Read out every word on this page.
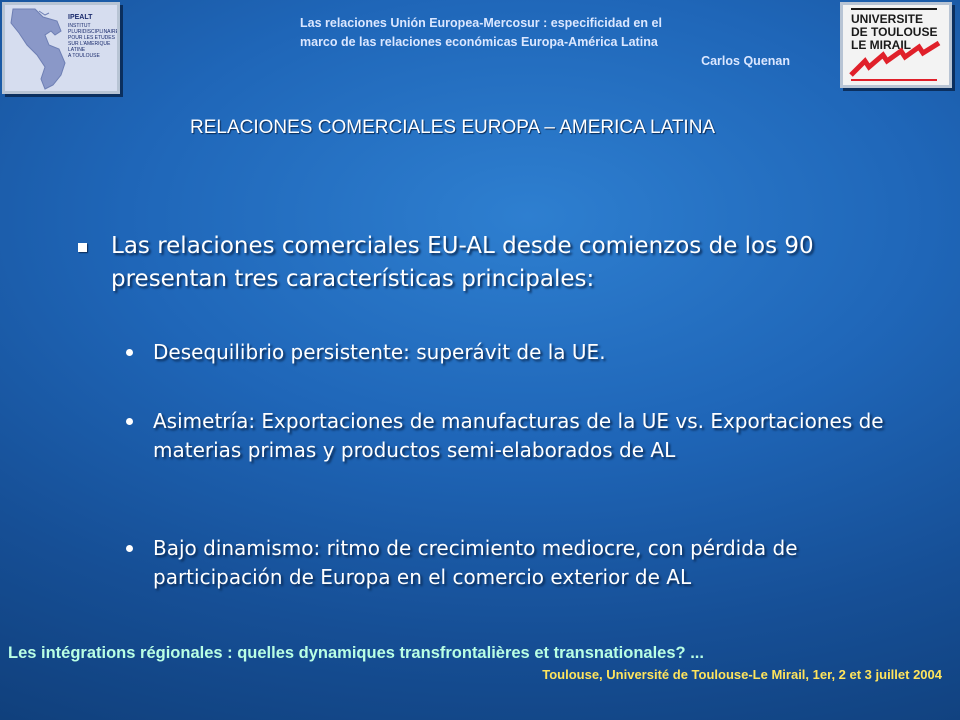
IPEALT
INSTITUT
PLURIDISCIPLINAIRE
POUR LES ETUDES
SUR L'AMERIQUE
LATINE
A TOULOUSE
Las relaciones Unión Europea-Mercosur : especificidad en el
marco de las relaciones económicas Europa-América Latina
Carlos Quenan
UNIVERSITE
DE TOULOUSE
LE MIRAIL
RELACIONES COMERCIALES EUROPA – AMERICA LATINA
Las relaciones comerciales EU-AL desde comienzos de los 90 presentan tres características principales:
Desequilibrio persistente: superávit de la UE.
Asimetría: Exportaciones de manufacturas de la UE vs. Exportaciones de materias primas y productos semi-elaborados de AL
Bajo dinamismo: ritmo de crecimiento mediocre, con pérdida de participación de Europa en el comercio exterior de AL
Les intégrations régionales : quelles dynamiques transfrontalières et transnationales? ...
Toulouse, Université de Toulouse-Le Mirail, 1er, 2 et 3 juillet 2004
